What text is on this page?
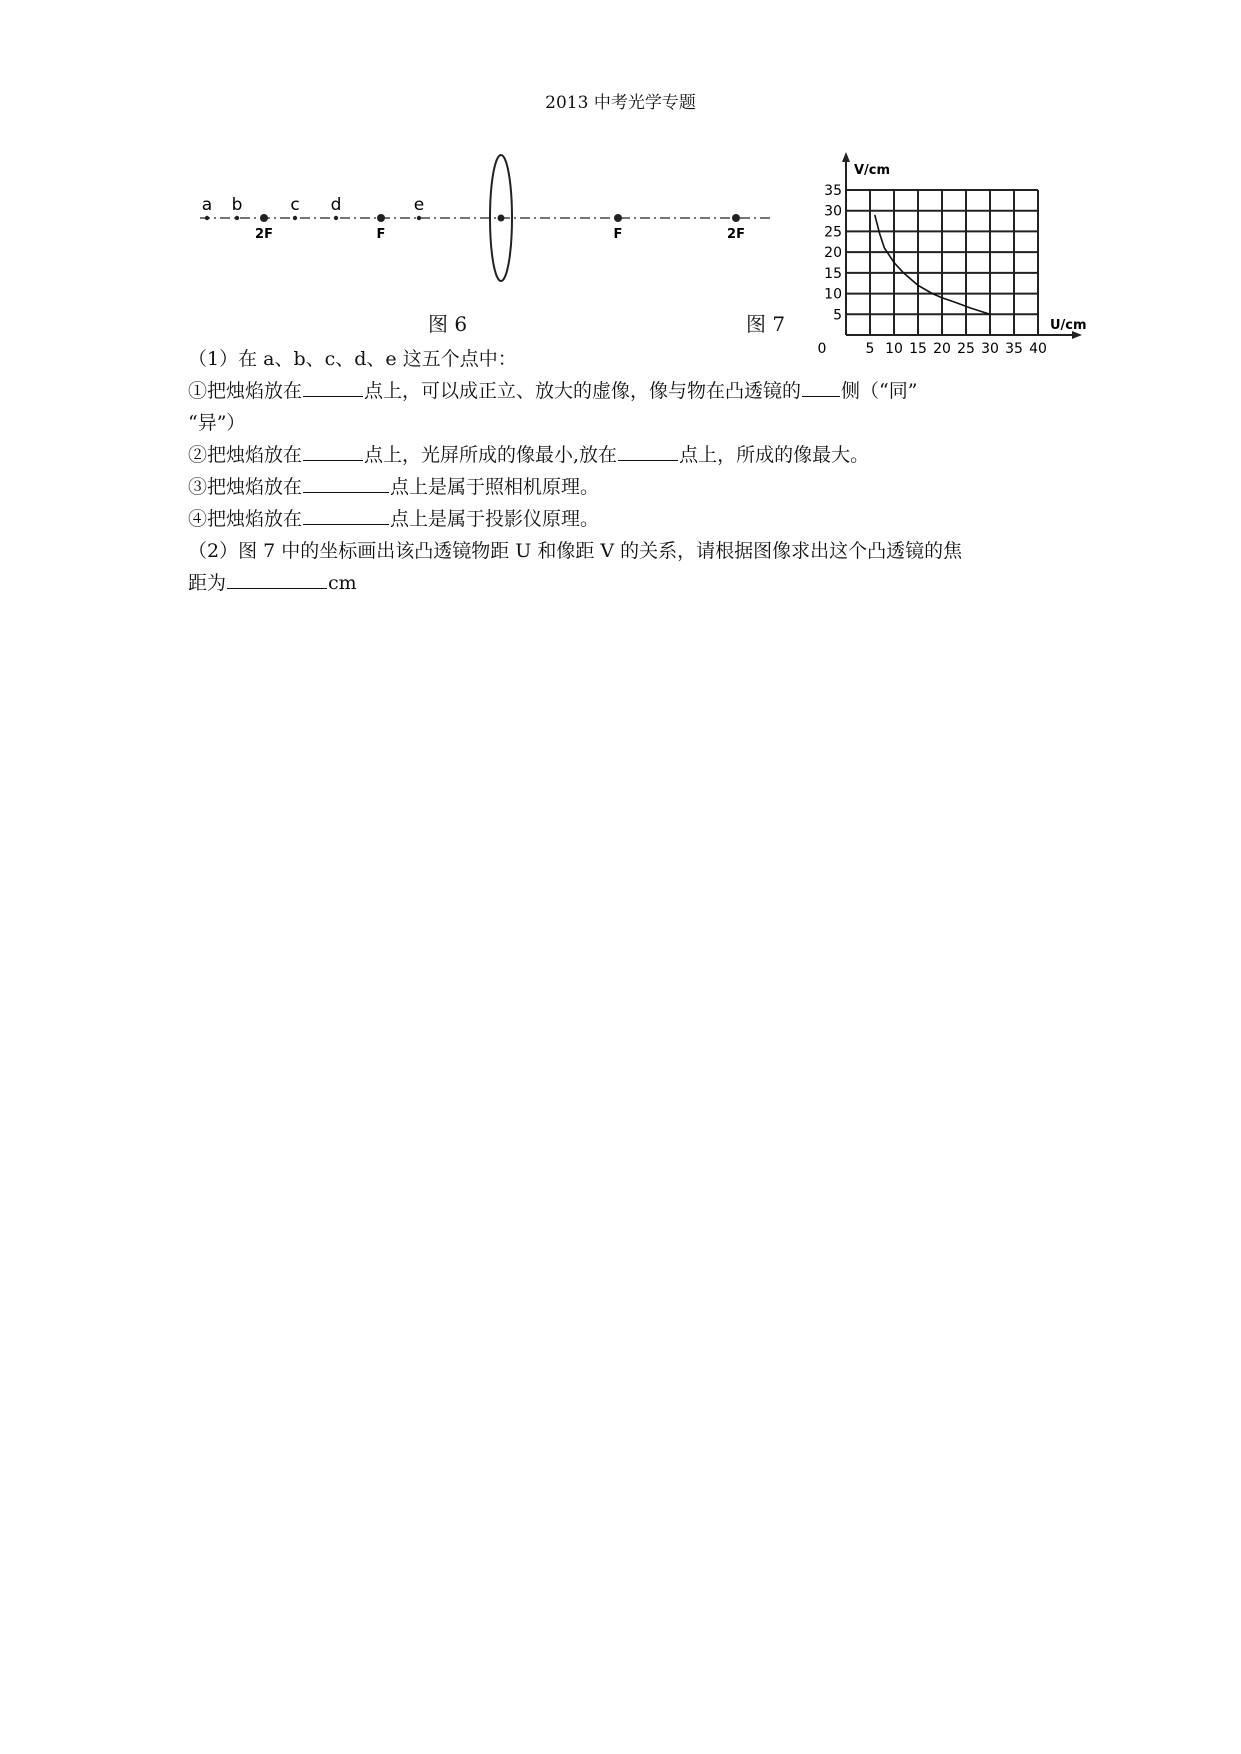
2013 中考光学专题
a b	c d	e
2F	F	F	2F
图 6
5 10 15 20 25 30 35 40
5
10
15
20
25
30
35
0
V/cm
U/cm
图 7
（1）在 a、b、c、d、e 这五个点中：
①把烛焰放在	点上，可以成正立、放大的虚像，像与物在凸透镜的 侧（“同”
“异”）
②把烛焰放在	点上，光屏所成的像最小,放在	点上，所成的像最大。
③把烛焰放在	点上是属于照相机原理。
④把烛焰放在	点上是属于投影仪原理。
（2）图 7 中的坐标画出该凸透镜物距 U 和像距 V 的关系，请根据图像求出这个凸透镜的焦
距为	cm
